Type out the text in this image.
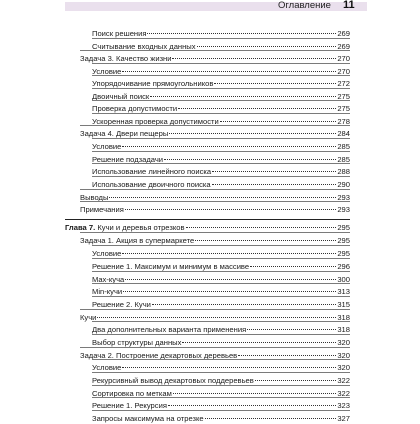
Оглавление 11
Поиск решения	269
Считывание входных данных	269
Задача 3. Качество жизни	270
Условие	270
Упорядочивание прямоугольников	272
Двоичный поиск	275
Проверка допустимости	275
Ускоренная проверка допустимости	278
Задача 4. Двери пещеры	284
Условие	285
Решение подзадачи	285
Использование линейного поиска	288
Использование двоичного поиска	290
Выводы	293
Примечания	293
Глава 7. Кучи и деревья отрезков	295
Задача 1. Акция в супермаркете	295
Условие	295
Решение 1. Максимум и минимум в массиве	296
Max-куча	300
Min-кучи	313
Решение 2. Кучи	315
Кучи	318
Два дополнительных варианта применения	318
Выбор структуры данных	320
Задача 2. Построение декартовых деревьев	320
Условие	320
Рекурсивный вывод декартовых поддеревьев	322
Сортировка по меткам	322
Решение 1. Рекурсия	323
Запросы максимума на отрезке	327
